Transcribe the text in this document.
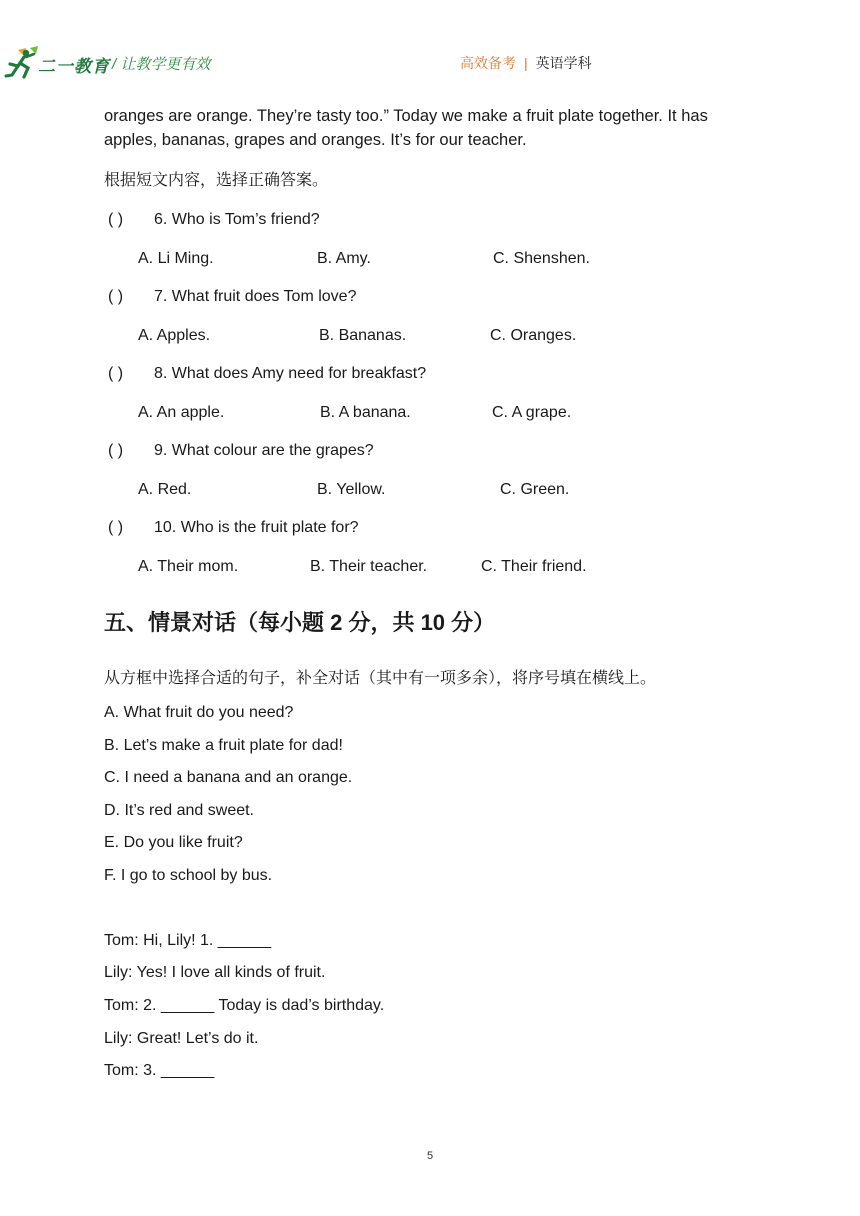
二一教育 / 让教学更有效	高效备考 | 英语学科
oranges are orange. They’re tasty too.” Today we make a fruit plate together. It has
apples, bananas, grapes and oranges. It’s for our teacher.
根据短文内容，选择正确答案。
( ) 6. Who is Tom’s friend?
A. Li Ming.	B. Amy.	C. Shenshen.
( ) 7. What fruit does Tom love?
A. Apples.	B. Bananas.	C. Oranges.
( ) 8. What does Amy need for breakfast?
A. An apple.	B. A banana.	C. A grape.
( ) 9. What colour are the grapes?
A. Red.	B. Yellow.	C. Green.
( ) 10. Who is the fruit plate for?
A. Their mom.	B. Their teacher.	C. Their friend.
五、情景对话（每小题 2 分，共 10 分）
从方框中选择合适的句子，补全对话（其中有一项多余），将序号填在横线上。
A. What fruit do you need?
B. Let’s make a fruit plate for dad!
C. I need a banana and an orange.
D. It’s red and sweet.
E. Do you like fruit?
F. I go to school by bus.
Tom: Hi, Lily! 1. ______
Lily: Yes! I love all kinds of fruit.
Tom: 2. ______ Today is dad’s birthday.
Lily: Great! Let’s do it.
Tom: 3. ______
5
